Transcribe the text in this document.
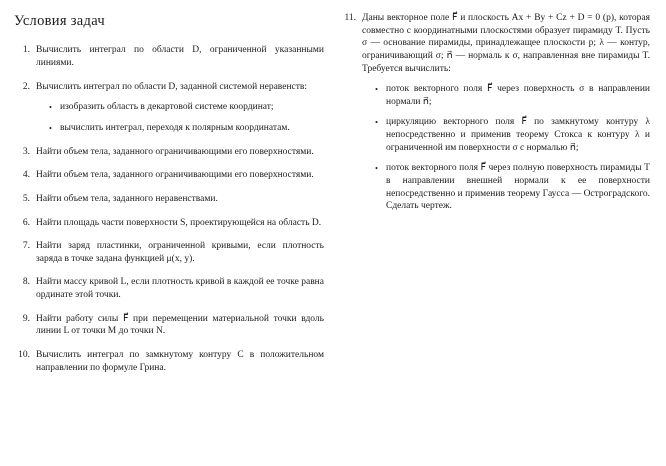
Условия задач
1. Вычислить интеграл по области D, ограниченной указанными линиями.
2. Вычислить интеграл по области D, заданной системой неравенств:
• изобразить область в декартовой системе координат;
• вычислить интеграл, переходя к полярным координатам.
3. Найти объем тела, заданного ограничивающими его поверхностями.
4. Найти объем тела, заданного ограничивающими его поверхностями.
5. Найти объем тела, заданного неравенствами.
6. Найти площадь части поверхности S, проектирующейся на область D.
7. Найти заряд пластинки, ограниченной кривыми, если плотность заряда в точке задана функцией μ(x, y).
8. Найти массу кривой L, если плотность кривой в каждой ее точке равна ординате этой точки.
9. Найти работу силы F⃗ при перемещении материальной точки вдоль линии L от точки M до точки N.
10. Вычислить интеграл по замкнутому контуру C в положительном направлении по формуле Грина.
11. Даны векторное поле F⃗ и плоскость Ax + By + Cz + D = 0 (p), которая совместно с координатными плоскостями образует пирамиду T. Пусть σ — основание пирамиды, принадлежащее плоскости p; λ — контур, ограничивающий σ; n⃗ — нормаль к σ, направленная вне пирамиды T. Требуется вычислить:
• поток векторного поля F⃗ через поверхность σ в направлении нормали n⃗;
• циркуляцию векторного поля F⃗ по замкнутому контуру λ непосредственно и применив теорему Стокса к контуру λ и ограниченной им поверхности σ с нормалью n⃗;
• поток векторного поля F⃗ через полную поверхность пирамиды T в направлении внешней нормали к ее поверхности непосредственно и применив теорему Гаусса — Остроградского. Сделать чертеж.
